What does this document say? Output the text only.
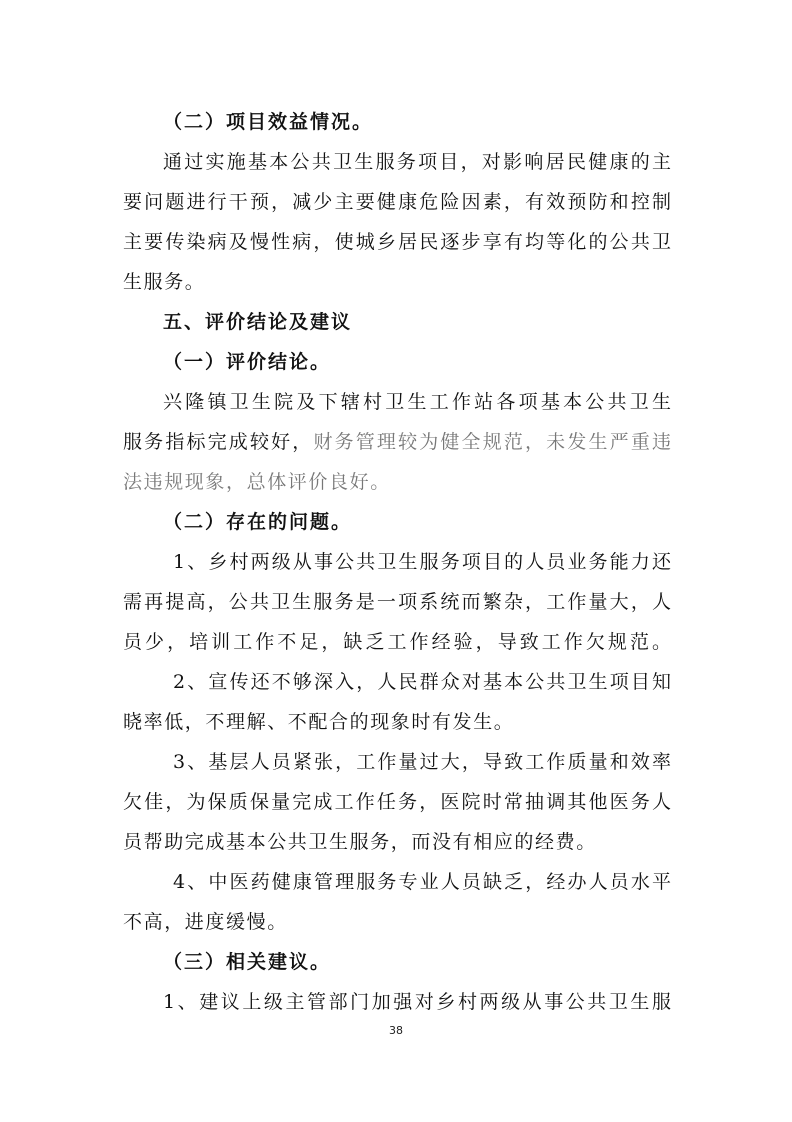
（二）项目效益情况。
通过实施基本公共卫生服务项目，对影响居民健康的主
要问题进行干预，减少主要健康危险因素，有效预防和控制
主要传染病及慢性病，使城乡居民逐步享有均等化的公共卫
生服务。
五、评价结论及建议
（一）评价结论。
兴隆镇卫生院及下辖村卫生工作站各项基本公共卫生
服务指标完成较好，财务管理较为健全规范，未发生严重违
法违规现象，总体评价良好。
（二）存在的问题。
1、乡村两级从事公共卫生服务项目的人员业务能力还
需再提高，公共卫生服务是一项系统而繁杂，工作量大，人
员少，培训工作不足，缺乏工作经验，导致工作欠规范。
2、宣传还不够深入，人民群众对基本公共卫生项目知
晓率低，不理解、不配合的现象时有发生。
3、基层人员紧张，工作量过大，导致工作质量和效率
欠佳，为保质保量完成工作任务，医院时常抽调其他医务人
员帮助完成基本公共卫生服务，而没有相应的经费。
4、中医药健康管理服务专业人员缺乏，经办人员水平
不高，进度缓慢。
（三）相关建议。
1、建议上级主管部门加强对乡村两级从事公共卫生服
38
